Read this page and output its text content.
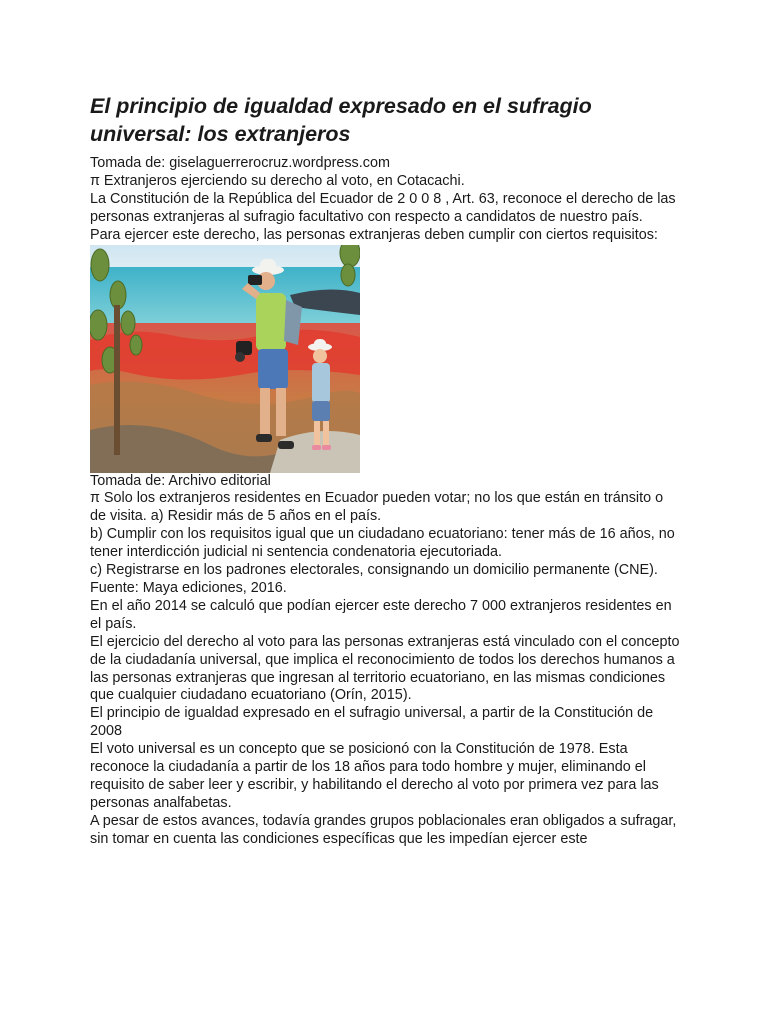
El principio de igualdad expresado en el sufragio universal: los extranjeros

Tomada de: giselaguerrerocruz.wordpress.com

π Extranjeros ejerciendo su derecho al voto, en Cotacachi.

La Constitución de la República del Ecuador de 2 0 0 8 , Art. 63, reconoce el derecho de las personas extranjeras al sufragio facultativo con respecto a candidatos de nuestro país.

Para ejercer este derecho, las personas extranjeras deben cumplir con ciertos requisitos:

Tomada de: Archivo editorial

π Solo los extranjeros residentes en Ecuador pueden votar; no los que están en tránsito o de visita. a) Residir más de 5 años en el país.

b) Cumplir con los requisitos igual que un ciudadano ecuatoriano: tener más de 16 años, no tener interdicción judicial ni sentencia condenatoria ejecutoriada.

c) Registrarse en los padrones electorales, consignando un domicilio permanente (CNE).

Fuente: Maya ediciones, 2016.

En el año 2014 se calculó que podían ejercer este derecho 7 000 extranjeros residentes en el país.

El ejercicio del derecho al voto para las personas extranjeras está vinculado con el concepto de la ciudadanía universal, que implica el reconocimiento de todos los derechos humanos a las personas extranjeras que ingresan al territorio ecuatoriano, en las mismas condiciones que cualquier ciudadano ecuatoriano (Orín, 2015).

El principio de igualdad expresado en el sufragio universal, a partir de la Constitución de 2008

El voto universal es un concepto que se posicionó con la Constitución de 1978. Esta reconoce la ciudadanía a partir de los 18 años para todo hombre y mujer, eliminando el requisito de saber leer y escribir, y habilitando el derecho al voto por primera vez para las personas analfabetas.

A pesar de estos avances, todavía grandes grupos poblacionales eran obligados a sufragar, sin tomar en cuenta las condiciones específicas que les impedían ejercer este
